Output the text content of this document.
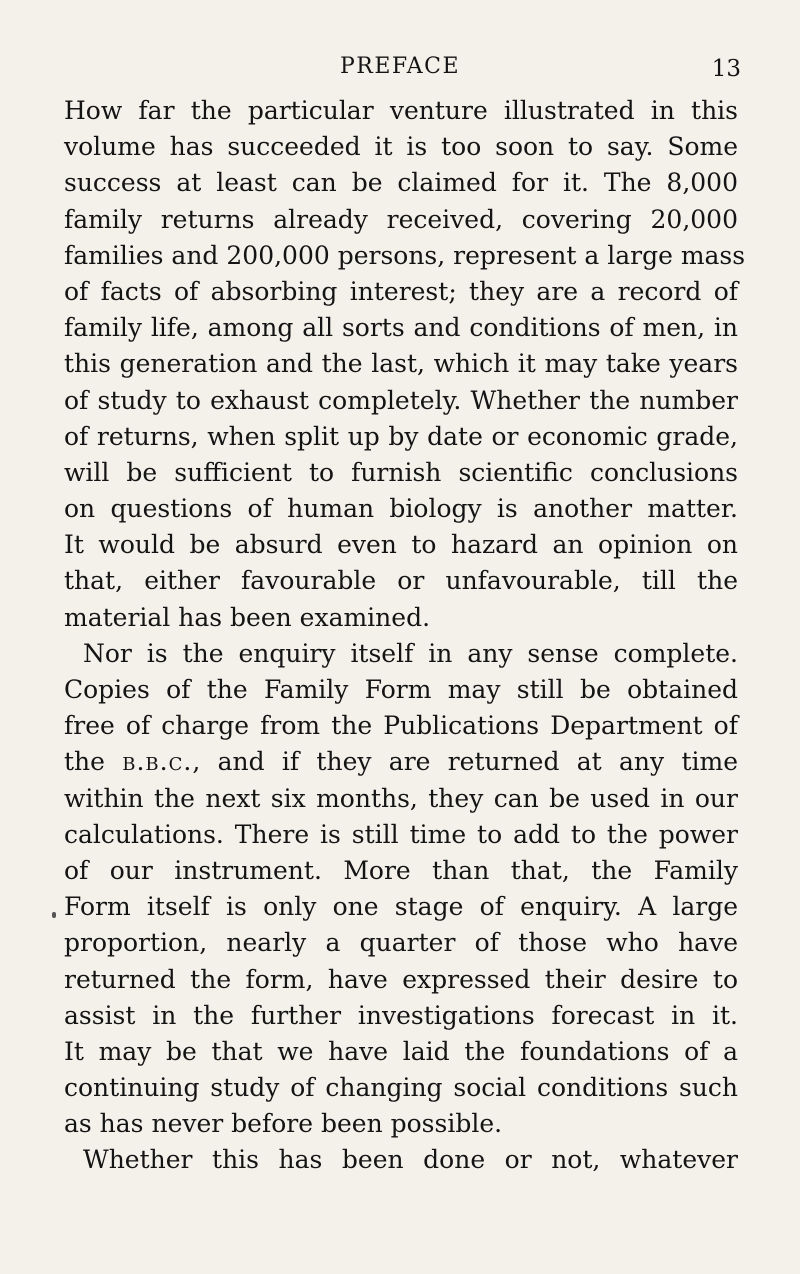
PREFACE	13
How far the particular venture illustrated in this
volume has succeeded it is too soon to say. Some
success at least can be claimed for it. The 8,000
family returns already received, covering 20,000
families and 200,000 persons, represent a large mass
of facts of absorbing interest; they are a record of
family life, among all sorts and conditions of men, in
this generation and the last, which it may take years
of study to exhaust completely. Whether the number
of returns, when split up by date or economic grade,
will be sufficient to furnish scientific conclusions
on questions of human biology is another matter.
It would be absurd even to hazard an opinion on
that, either favourable or unfavourable, till the
material has been examined.
Nor is the enquiry itself in any sense complete.
Copies of the Family Form may still be obtained
free of charge from the Publications Department of
the b.b.c., and if they are returned at any time
within the next six months, they can be used in our
calculations. There is still time to add to the power
of our instrument. More than that, the Family
Form itself is only one stage of enquiry. A large
proportion, nearly a quarter of those who have
returned the form, have expressed their desire to
assist in the further investigations forecast in it.
It may be that we have laid the foundations of a
continuing study of changing social conditions such
as has never before been possible.
Whether this has been done or not, whatever
